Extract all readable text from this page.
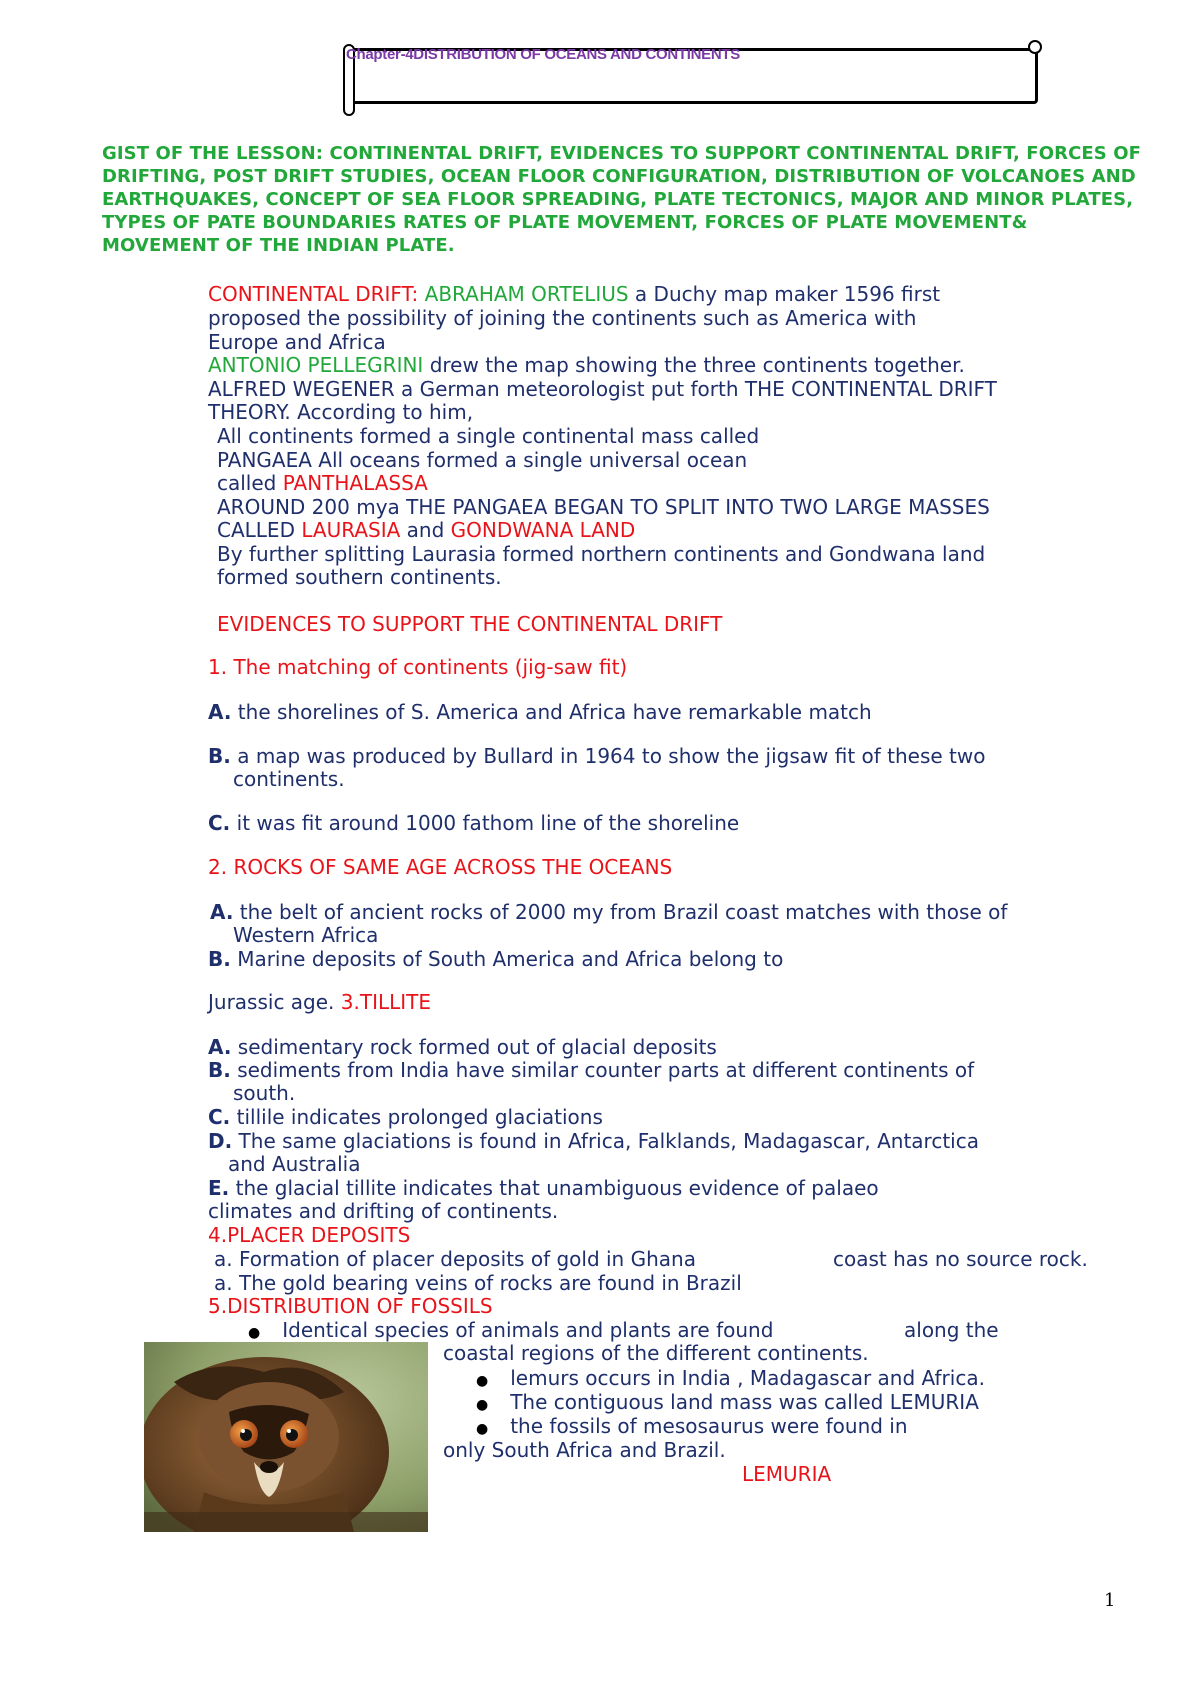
Chapter-4DISTRIBUTION OF OCEANS AND CONTINENTS
GIST OF THE LESSON: CONTINENTAL DRIFT, EVIDENCES TO SUPPORT CONTINENTAL DRIFT, FORCES OF DRIFTING, POST DRIFT STUDIES, OCEAN FLOOR CONFIGURATION, DISTRIBUTION OF VOLCANOES AND EARTHQUAKES, CONCEPT OF SEA FLOOR SPREADING, PLATE TECTONICS, MAJOR AND MINOR PLATES, TYPES OF PATE BOUNDARIES RATES OF PLATE MOVEMENT, FORCES OF PLATE MOVEMENT& MOVEMENT OF THE INDIAN PLATE.
CONTINENTAL DRIFT: ABRAHAM ORTELIUS a Duchy map maker 1596 first
proposed the possibility of joining the continents such as America with
Europe and Africa
ANTONIO PELLEGRINI drew the map showing the three continents together.
ALFRED WEGENER a German meteorologist put forth THE CONTINENTAL DRIFT
THEORY. According to him,
All continents formed a single continental mass called
PANGAEA All oceans formed a single universal ocean
called PANTHALASSA
AROUND 200 mya THE PANGAEA BEGAN TO SPLIT INTO TWO LARGE MASSES
CALLED LAURASIA and GONDWANA LAND
By further splitting Laurasia formed northern continents and Gondwana land
formed southern continents.
EVIDENCES TO SUPPORT THE CONTINENTAL DRIFT
1. The matching of continents (jig-saw fit)
A. the shorelines of S. America and Africa have remarkable match
B. a map was produced by Bullard in 1964 to show the jigsaw fit of these two
continents.
C. it was fit around 1000 fathom line of the shoreline
2. ROCKS OF SAME AGE ACROSS THE OCEANS
A. the belt of ancient rocks of 2000 my from Brazil coast matches with those of
Western Africa
B. Marine deposits of South America and Africa belong to
Jurassic age. 3.TILLITE
A. sedimentary rock formed out of glacial deposits
B. sediments from India have similar counter parts at different continents of
south.
C. tillile indicates prolonged glaciations
D. The same glaciations is found in Africa, Falklands, Madagascar, Antarctica
and Australia
E. the glacial tillite indicates that unambiguous evidence of palaeo
climates and drifting of continents.
4.PLACER DEPOSITS
a. Formation of placer deposits of gold in Ghana	coast has no source rock.
a. The gold bearing veins of rocks are found in Brazil
5.DISTRIBUTION OF FOSSILS
● Identical species of animals and plants are found	along the
coastal regions of the different continents.
● lemurs occurs in India , Madagascar and Africa.
● The contiguous land mass was called LEMURIA
● the fossils of mesosaurus were found in
only South Africa and Brazil.
LEMURIA
1
